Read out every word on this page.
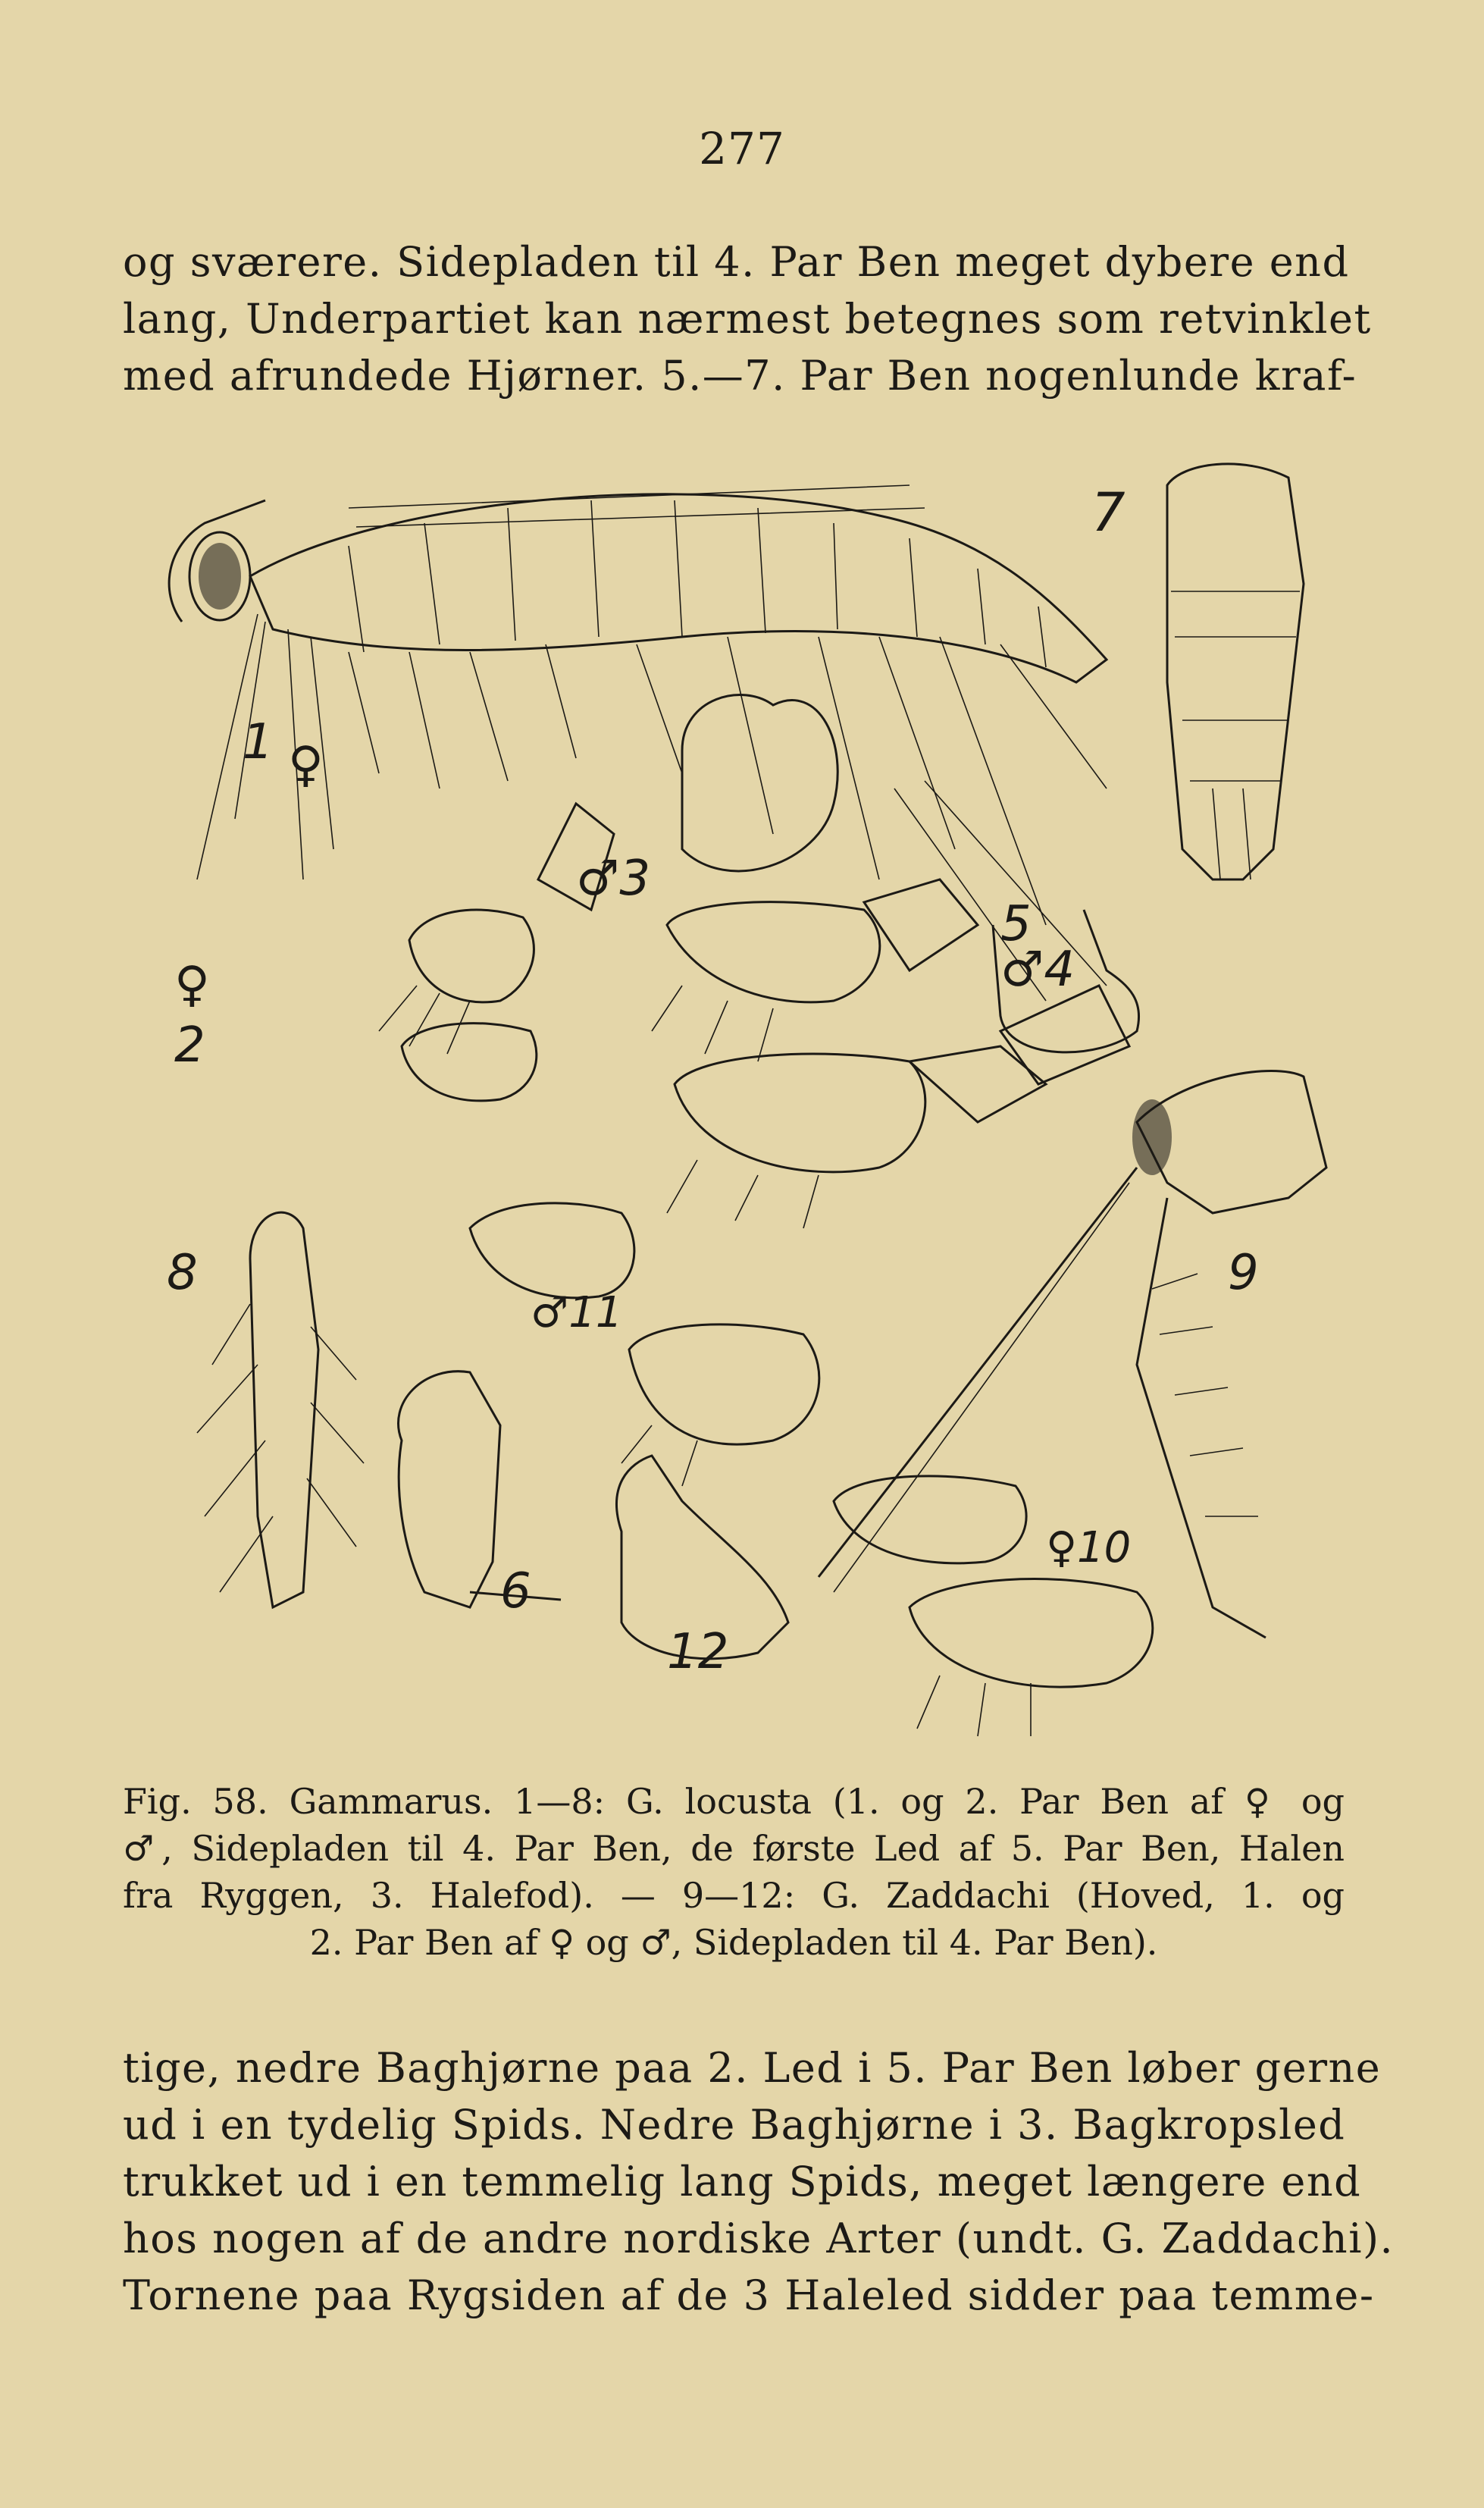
277
og sværere. Sidepladen til 4. Par Ben meget dybere end
lang, Underpartiet kan nærmest betegnes som retvinklet
med afrundede Hjørner. 5.—7. Par Ben nogenlunde kraf-
♀
1
7
♂3
♀
2
♂4
5
8	9
♂11
♀10
6
12
Fig. 58. Gammarus. 1—8: G. locusta (1. og 2. Par Ben af ♀ og
♂, Sidepladen til 4. Par Ben, de første Led af 5. Par Ben, Halen
fra Ryggen, 3. Halefod). — 9—12: G. Zaddachi (Hoved, 1. og
2. Par Ben af ♀ og ♂, Sidepladen til 4. Par Ben).
tige, nedre Baghjørne paa 2. Led i 5. Par Ben løber gerne
ud i en tydelig Spids. Nedre Baghjørne i 3. Bagkropsled
trukket ud i en temmelig lang Spids, meget længere end
hos nogen af de andre nordiske Arter (undt. G. Zaddachi).
Tornene paa Rygsiden af de 3 Haleled sidder paa temme-
